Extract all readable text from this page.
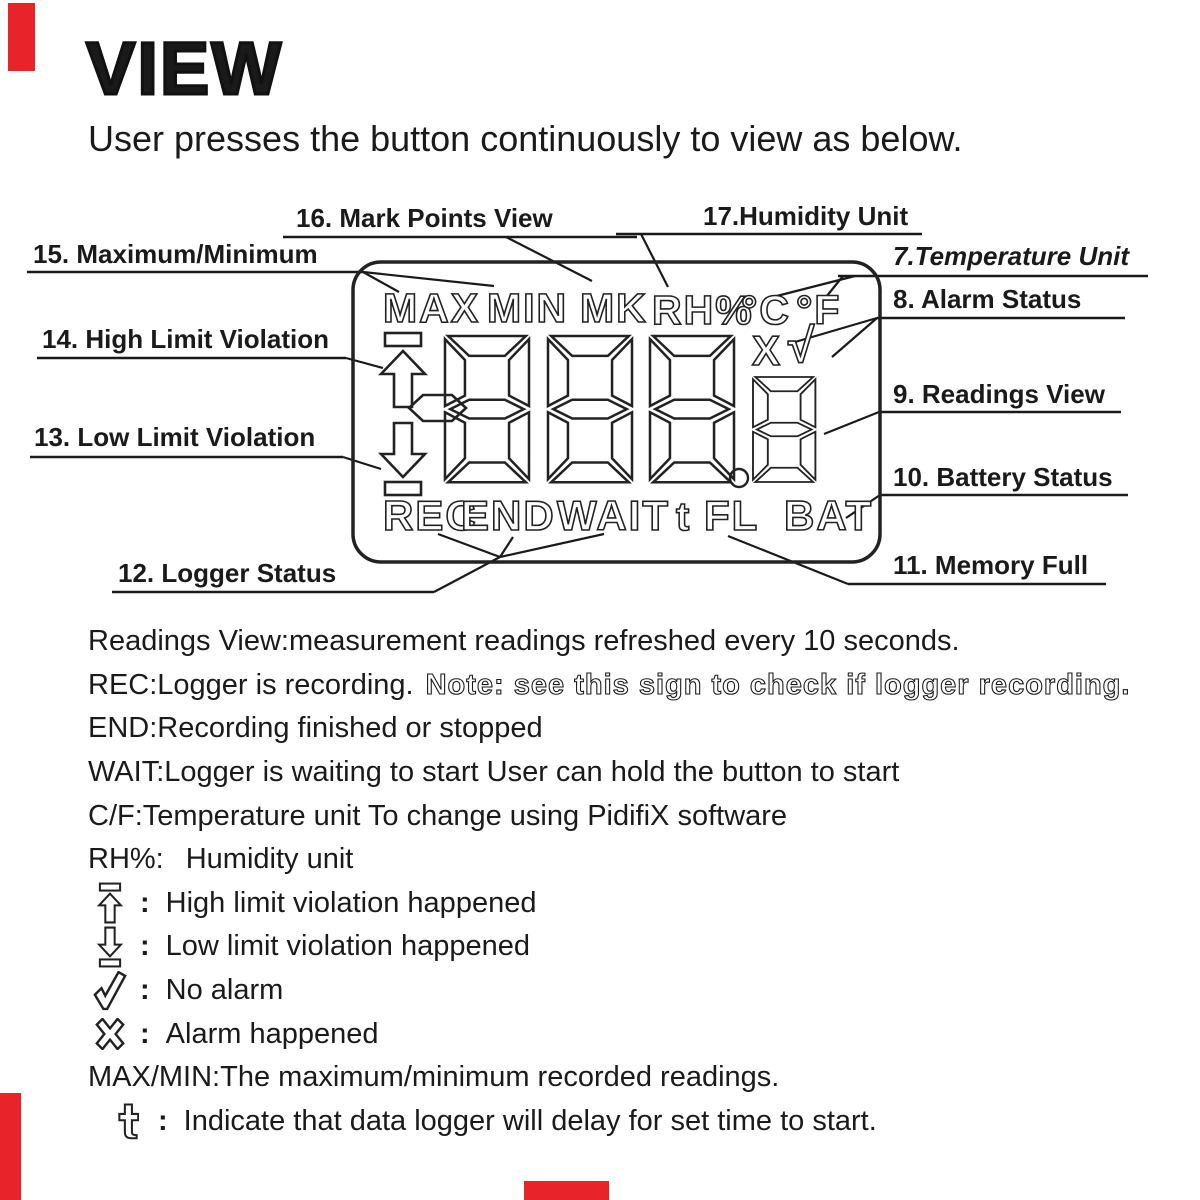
VIEW
User presses the button continuously to view as below.
16. Mark Points View	17.Humidity Unit
15. Maximum/Minimum	7.Temperature Unit
8. Alarm Status
14. High Limit Violation
9. Readings View
13. Low Limit Violation
10. Battery Status
11. Memory Full
12. Logger Status
MAX MIN MK RH%
°C °F
X √
REC
END WAIT t FL BAT
Readings View:measurement readings refreshed every 10 seconds.
REC:Logger is recording. Note: see this sign to check if logger recording.
END:Recording finished or stopped
WAIT:Logger is waiting to start User can hold the button to start
C/F:Temperature unit To change using PidifiX software
RH%: Humidity unit
: High limit violation happened
: Low limit violation happened
: No alarm
: Alarm happened
MAX/MIN:The maximum/minimum recorded readings.
: Indicate that data logger will delay for set time to start.
